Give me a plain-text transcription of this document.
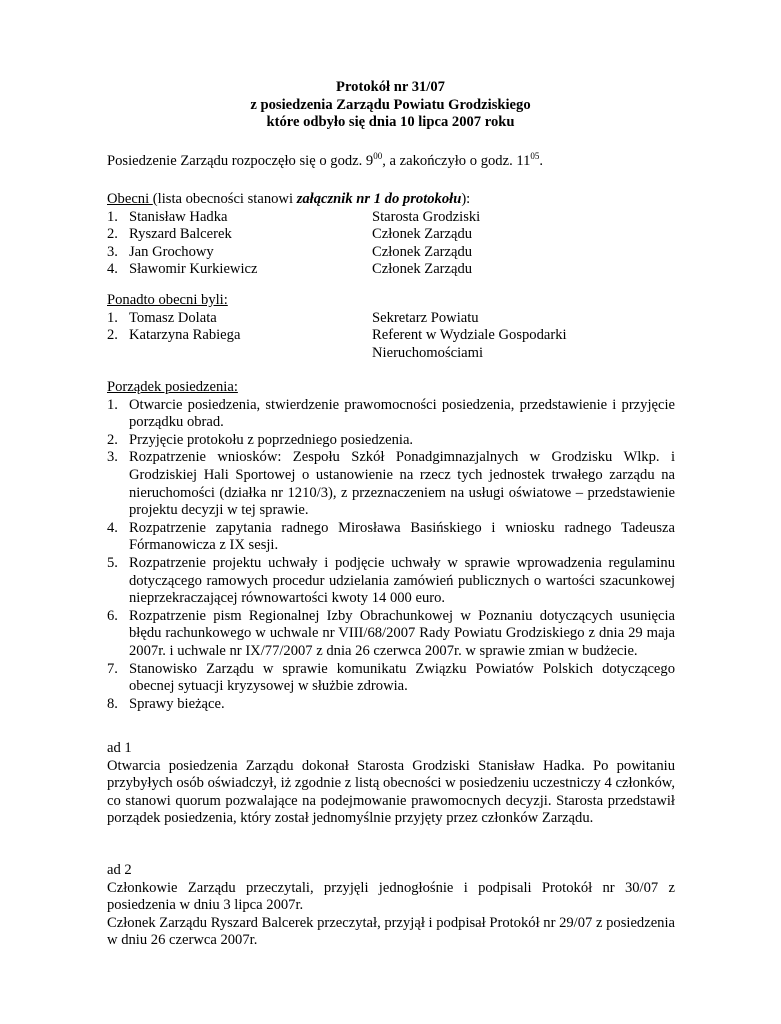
Protokół nr 31/07
z posiedzenia Zarządu Powiatu Grodziskiego
które odbyło się dnia 10 lipca 2007 roku
Posiedzenie Zarządu rozpoczęło się o godz. $9^{00}$, a zakończyło o godz. $11^{05}$.
Obecni (lista obecności stanowi załącznik nr 1 do protokołu):
1. Stanisław Hadka	Starosta Grodziski
2. Ryszard Balcerek	Członek Zarządu
3. Jan Grochowy	Członek Zarządu
4. Sławomir Kurkiewicz	Członek Zarządu
Ponadto obecni byli:
1. Tomasz Dolata	Sekretarz Powiatu
2. Katarzyna Rabiega	Referent w Wydziale Gospodarki
Nieruchomościami
Porządek posiedzenia:
1. Otwarcie posiedzenia, stwierdzenie prawomocności posiedzenia, przedstawienie i przyjęcie porządku obrad.
2. Przyjęcie protokołu z poprzedniego posiedzenia.
3. Rozpatrzenie wniosków: Zespołu Szkół Ponadgimnazjalnych w Grodzisku Wlkp. i Grodziskiej Hali Sportowej o ustanowienie na rzecz tych jednostek trwałego zarządu na nieruchomości (działka nr 1210/3), z przeznaczeniem na usługi oświatowe – przedstawienie projektu decyzji w tej sprawie.
4. Rozpatrzenie zapytania radnego Mirosława Basińskiego i wniosku radnego Tadeusza Fórmanowicza z IX sesji.
5. Rozpatrzenie projektu uchwały i podjęcie uchwały w sprawie wprowadzenia regulaminu dotyczącego ramowych procedur udzielania zamówień publicznych o wartości szacunkowej nieprzekraczającej równowartości kwoty 14 000 euro.
6. Rozpatrzenie pism Regionalnej Izby Obrachunkowej w Poznaniu dotyczących usunięcia błędu rachunkowego w uchwale nr VIII/68/2007 Rady Powiatu Grodziskiego z dnia 29 maja 2007r. i uchwale nr IX/77/2007 z dnia 26 czerwca 2007r. w sprawie zmian w budżecie.
7. Stanowisko Zarządu w sprawie komunikatu Związku Powiatów Polskich dotyczącego obecnej sytuacji kryzysowej w służbie zdrowia.
8. Sprawy bieżące.
ad 1
Otwarcia posiedzenia Zarządu dokonał Starosta Grodziski Stanisław Hadka. Po powitaniu przybyłych osób oświadczył, iż zgodnie z listą obecności w posiedzeniu uczestniczy 4 członków, co stanowi quorum pozwalające na podejmowanie prawomocnych decyzji. Starosta przedstawił porządek posiedzenia, który został jednomyślnie przyjęty przez członków Zarządu.
ad 2
Członkowie Zarządu przeczytali, przyjęli jednogłośnie i podpisali Protokół nr 30/07 z posiedzenia w dniu 3 lipca 2007r.
Członek Zarządu Ryszard Balcerek przeczytał, przyjął i podpisał Protokół nr 29/07 z posiedzenia w dniu 26 czerwca 2007r.
